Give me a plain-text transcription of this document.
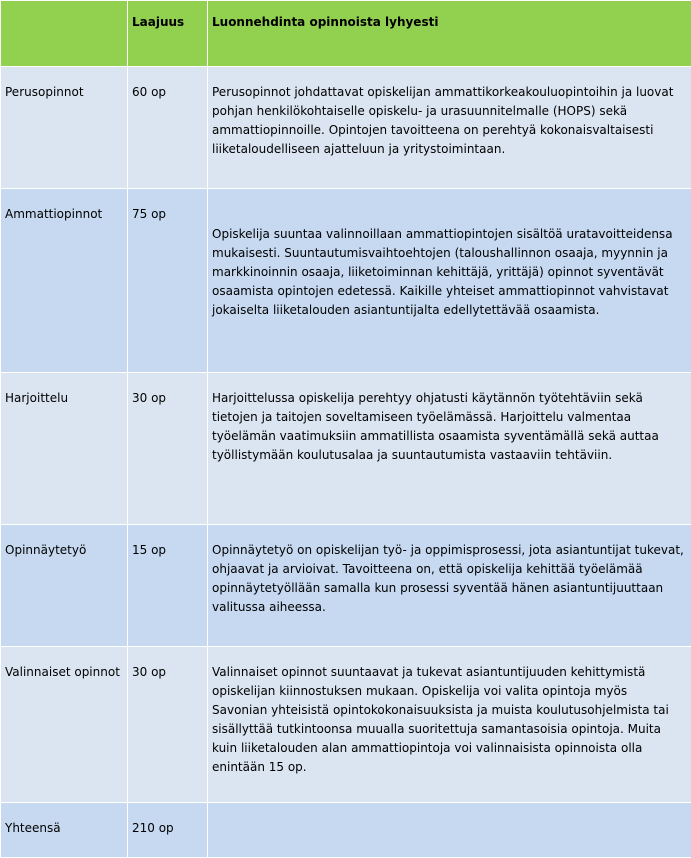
	Laajuus	Luonnehdinta opinnoista lyhyesti
Perusopinnot	60 op	Perusopinnot johdattavat opiskelijan ammattikorkeakouluopintoihin ja luovat pohjan henkilökohtaiselle opiskelu- ja urasuunnitelmalle (HOPS) sekä ammattiopinnoille. Opintojen tavoitteena on perehtyä kokonaisvaltaisesti liiketaloudelliseen ajatteluun ja yritystoimintaan.
Ammattiopinnot	75 op	Opiskelija suuntaa valinnoillaan ammattiopintojen sisältöä uratavoitteidensa mukaisesti. Suuntautumisvaihtoehtojen (taloushallinnon osaaja, myynnin ja markkinoinnin osaaja, liiketoiminnan kehittäjä, yrittäjä) opinnot syventävät osaamista opintojen edetessä. Kaikille yhteiset ammattiopinnot vahvistavat jokaiselta liiketalouden asiantuntijalta edellytettävää osaamista.
Harjoittelu	30 op	Harjoittelussa opiskelija perehtyy ohjatusti käytännön työtehtäviin sekä tietojen ja taitojen soveltamiseen työelämässä. Harjoittelu valmentaa työelämän vaatimuksiin ammatillista osaamista syventämällä sekä auttaa työllistymään koulutusalaa ja suuntautumista vastaaviin tehtäviin.
Opinnäytetyö	15 op	Opinnäytetyö on opiskelijan työ- ja oppimisprosessi, jota asiantuntijat tukevat, ohjaavat ja arvioivat. Tavoitteena on, että opiskelija kehittää työelämää opinnäytetyöllään samalla kun prosessi syventää hänen asiantuntijuuttaan valitussa aiheessa.
Valinnaiset opinnot	30 op	Valinnaiset opinnot suuntaavat ja tukevat asiantuntijuuden kehittymistä opiskelijan kiinnostuksen mukaan. Opiskelija voi valita opintoja myös Savonian yhteisistä opintokokonaisuuksista ja muista koulutusohjelmista tai sisällyttää tutkintoonsa muualla suoritettuja samantasoisia opintoja. Muita kuin liiketalouden alan ammattiopintoja voi valinnaisista opinnoista olla enintään 15 op.
Yhteensä	210 op	
